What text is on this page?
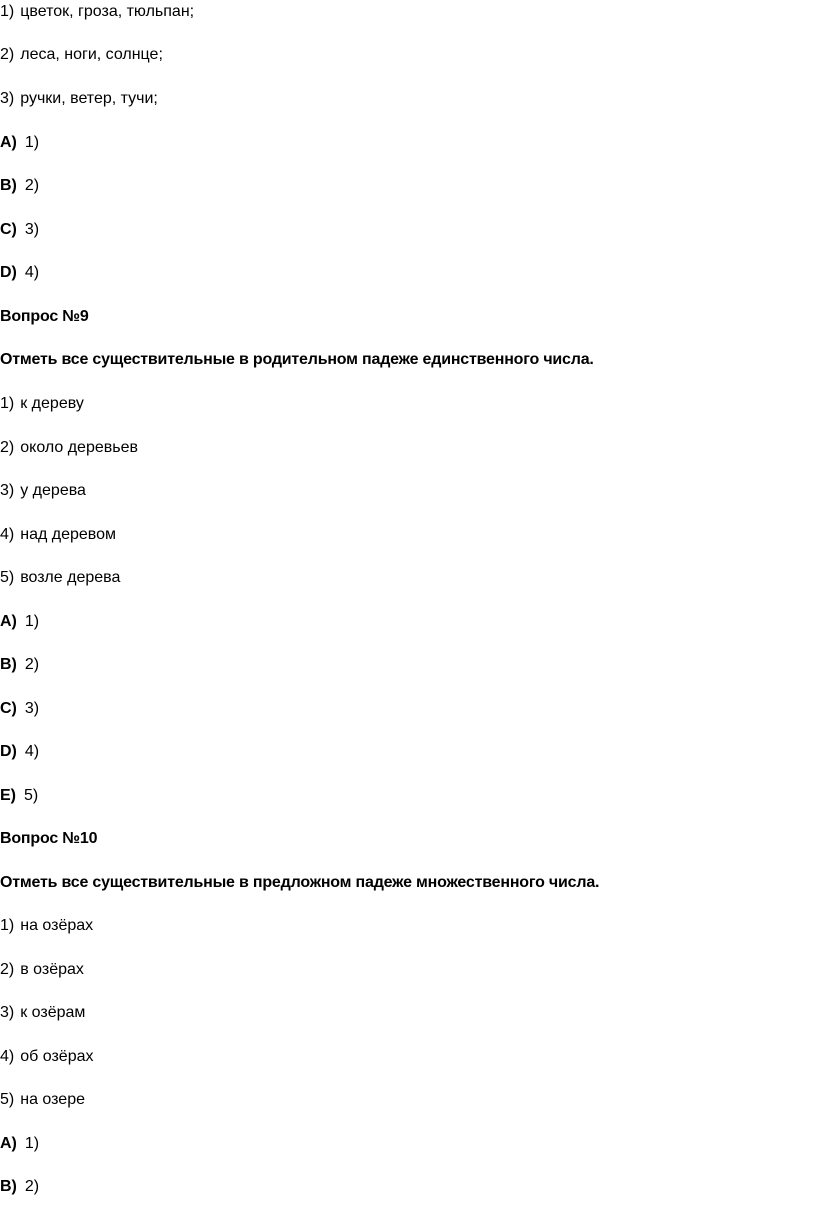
1) цветок, гроза, тюльпан;
2) леса, ноги, солнце;
3) ручки, ветер, тучи;
A) 1)
B) 2)
C) 3)
D) 4)
Вопрос №9
Отметь все существительные в родительном падеже единственного числа.
1) к дереву
2) около деревьев
3) у дерева
4) над деревом
5) возле дерева
A) 1)
B) 2)
C) 3)
D) 4)
E) 5)
Вопрос №10
Отметь все существительные в предложном падеже множественного числа.
1) на озёрах
2) в озёрах
3) к озёрам
4) об озёрах
5) на озере
A) 1)
B) 2)
